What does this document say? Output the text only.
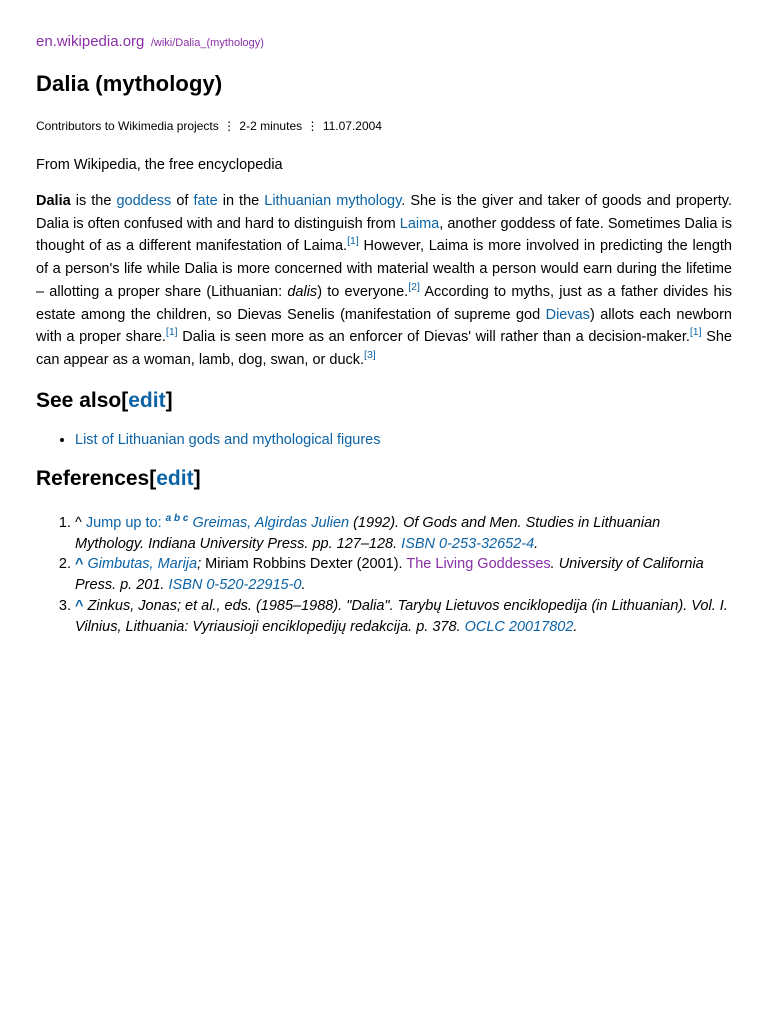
en.wikipedia.org /wiki/Dalia_(mythology)
Dalia (mythology)
Contributors to Wikimedia projects ⋮ 2-2 minutes ⋮ 11.07.2004
From Wikipedia, the free encyclopedia

Dalia is the goddess of fate in the Lithuanian mythology. She is the giver and taker of goods and property. Dalia is often confused with and hard to distinguish from Laima, another goddess of fate. Sometimes Dalia is thought of as a different manifestation of Laima.[1] However, Laima is more involved in predicting the length of a person's life while Dalia is more concerned with material wealth a person would earn during the lifetime – allotting a proper share (Lithuanian: dalis) to everyone.[2] According to myths, just as a father divides his estate among the children, so Dievas Senelis (manifestation of supreme god Dievas) allots each newborn with a proper share.[1] Dalia is seen more as an enforcer of Dievas' will rather than a decision-maker.[1] She can appear as a woman, lamb, dog, swan, or duck.[3]

See also[edit]
• List of Lithuanian gods and mythological figures
References[edit]
1. ^ Jump up to: $^{a b c}$ Greimas, Algirdas Julien (1992). Of Gods and Men. Studies in Lithuanian Mythology. Indiana University Press. pp. 127–128. ISBN 0-253-32652-4.
2. ^ Gimbutas, Marija; Miriam Robbins Dexter (2001). The Living Goddesses. University of California Press. p. 201. ISBN 0-520-22915-0.
3. ^ Zinkus, Jonas; et al., eds. (1985–1988). "Dalia". Tarybų Lietuvos enciklopedija (in Lithuanian). Vol. I. Vilnius, Lithuania: Vyriausioji enciklopedijų redakcija. p. 378. OCLC 20017802.
